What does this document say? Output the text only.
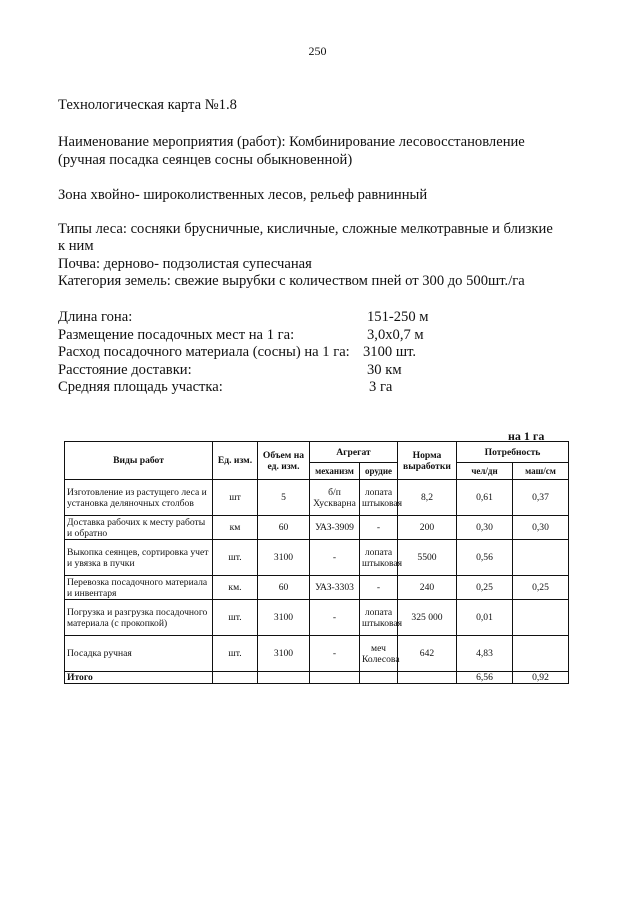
250
Технологическая карта №1.8
Наименование мероприятия (работ): Комбинирование лесовосстановление
(ручная посадка сеянцев сосны обыкновенной)
Зона хвойно- широколиственных лесов, рельеф равнинный
Типы леса: сосняки брусничные, кисличные, сложные мелкотравные и близкие
к ним
Почва: дерново- подзолистая супесчаная
Категория земель: свежие вырубки с количеством пней от 300 до 500шт./га
Длина гона:	151-250 м
Размещение посадочных мест на 1 га:	3,0х0,7 м
Расход посадочного материала (сосны) на 1 га: 3100 шт.
Расстояние доставки:	30 км
Средняя площадь участка:	3 га
на 1 га
Виды работ	Ед. изм.	Объем на ед. изм.	Агрегат		Норма выработки	Потребность	
			механизм	орудие		чел/дн	маш/см
Изготовление из растущего леса и установка деляночных столбов	шт	5	б/п Хускварна	лопата штыковая	8,2	0,61	0,37
Доставка рабочих к месту работы и обратно	км	60	УАЗ-3909	-	200	0,30	0,30
Выкопка сеянцев, сортировка учет и увязка в пучки	шт.	3100	-	лопата штыковая	5500	0,56	
Перевозка посадочного материала и инвентаря	км.	60	УАЗ-3303	-	240	0,25	0,25
Погрузка и разгрузка посадочного материала (с прокопкой)	шт.	3100	-	лопата штыковая	325 000	0,01	
Посадка ручная	шт.	3100	-	меч Колесова	642	4,83	
Итого						6,56	0,92
